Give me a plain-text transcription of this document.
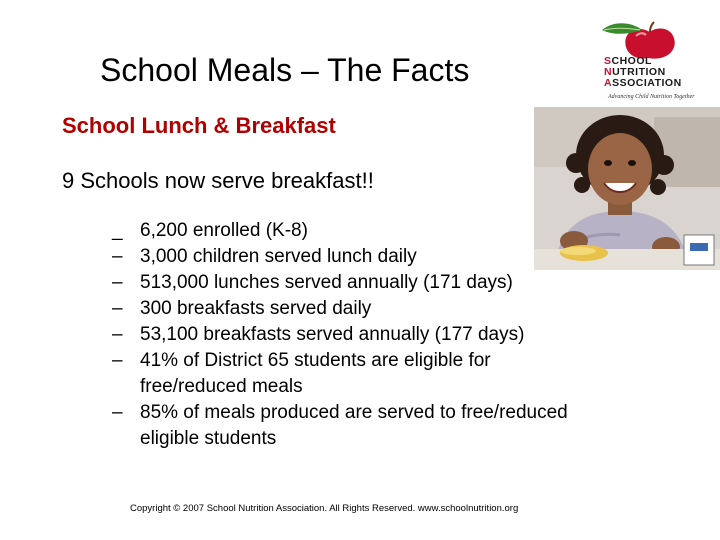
School Meals – The Facts	SCHOOL
NUTRITION
ASSOCIATION
Advancing Child Nutrition Together
School Lunch & Breakfast

9 Schools now serve breakfast!!

_ 6,200 enrolled (K-8)
– 3,000 children served lunch daily
– 513,000 lunches served annually (171 days)
– 300 breakfasts served daily
– 53,100 breakfasts served annually (177 days)
– 41% of District 65 students are eligible for free/reduced meals
– 85% of meals produced are served to free/reduced eligible students
Copyright © 2007 School Nutrition Association. All Rights Reserved. www.schoolnutrition.org
